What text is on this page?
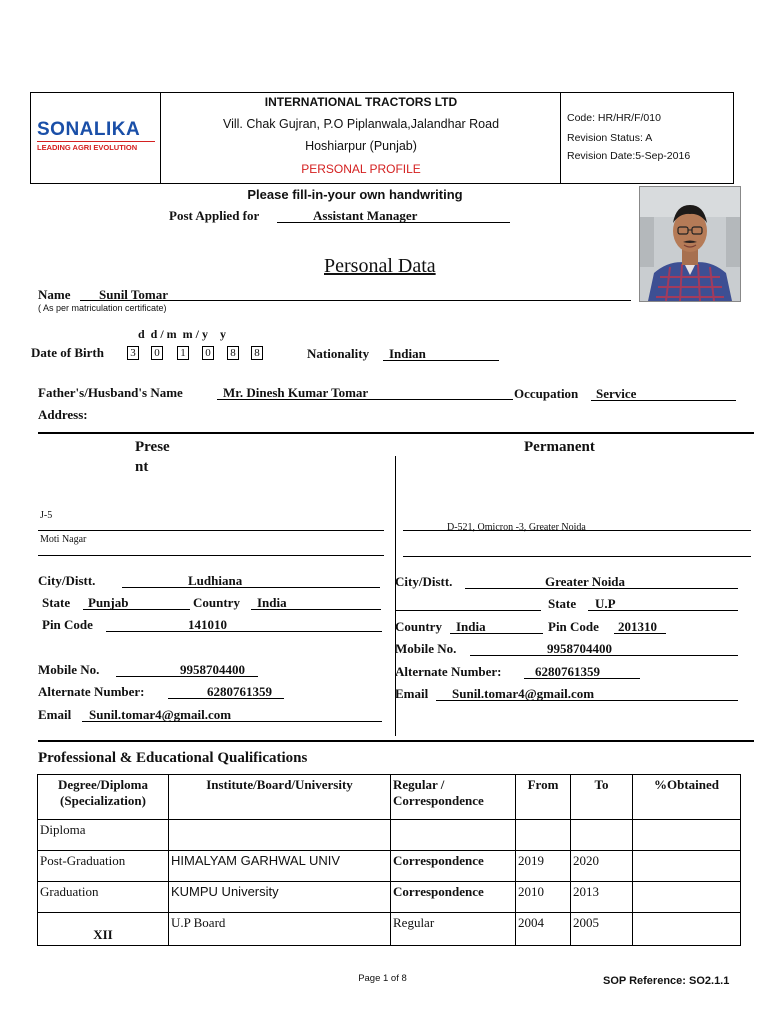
SONALIKA
LEADING AGRI EVOLUTION
INTERNATIONAL TRACTORS LTD
Vill. Chak Gujran, P.O Piplanwala,Jalandhar Road
Hoshiarpur (Punjab)
PERSONAL PROFILE
Code: HR/HR/F/010
Revision Status: A
Revision Date:5-Sep-2016
Please fill-in-your own handwriting
Post Applied for	Assistant Manager
Personal Data
Name Sunil Tomar
( As per matriculation certificate)
d  d / m  m / y    y
Date of Birth 3 0 1 0 8 8	Nationality Indian
Father's/Husband's Name	Mr. Dinesh Kumar Tomar	Occupation Service
Address:
Prese
nt
J-5
Moti Nagar
City/Distt.	Ludhiana
State Punjab	Country India
Pin Code	141010
Mobile No.	9958704400
Alternate Number:	6280761359
Email Sunil.tomar4@gmail.com
Permanent
D-521, Omicron -3, Greater Noida
City/Distt.	Greater Noida
State U.P
Country India	Pin Code 201310
Mobile No.	9958704400
Alternate Number:	6280761359
Email Sunil.tomar4@gmail.com
Professional & Educational Qualifications
Degree/Diploma (Specialization)	Institute/Board/University	Regular / Correspondence	From	To	%Obtained
Diploma					
Post-Graduation	HIMALYAM GARHWAL UNIV	Correspondence	2019	2020	
Graduation	KUMPU University	Correspondence	2010	2013	
XII	U.P Board	Regular	2004	2005	
Page 1 of 8	SOP Reference: SO2.1.1
